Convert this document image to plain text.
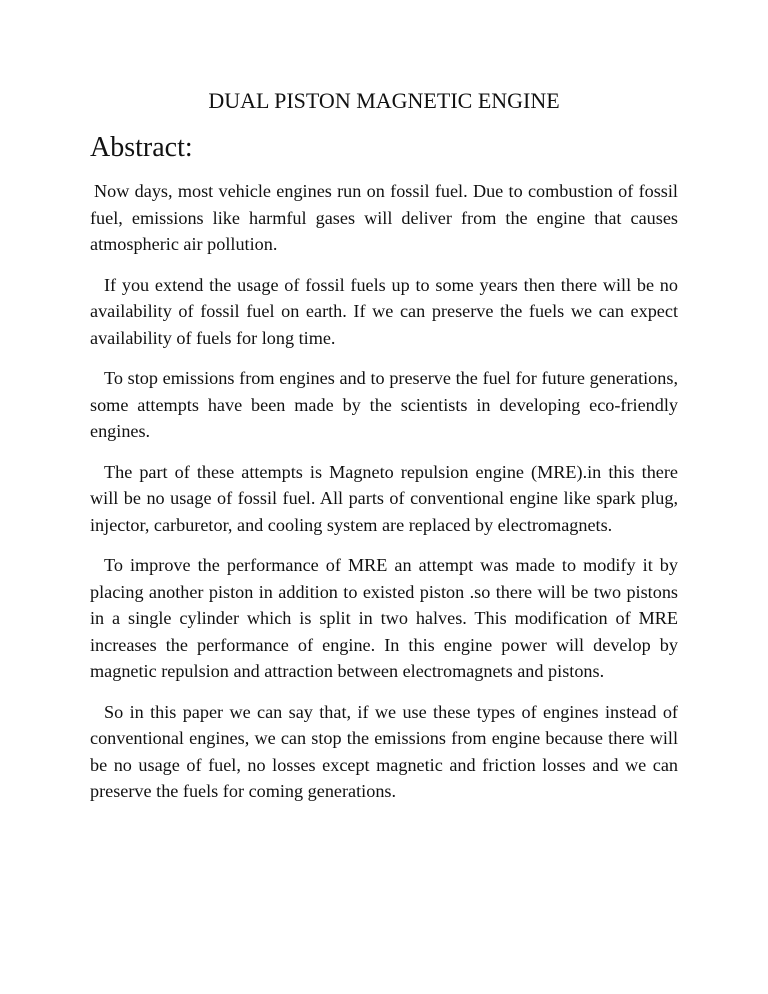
DUAL PISTON MAGNETIC ENGINE
Abstract:

Now days, most vehicle engines run on fossil fuel. Due to combustion of fossil fuel, emissions like harmful gases will deliver from the engine that causes atmospheric air pollution.

If you extend the usage of fossil fuels up to some years then there will be no availability of fossil fuel on earth. If we can preserve the fuels we can expect availability of fuels for long time.

To stop emissions from engines and to preserve the fuel for future generations, some attempts have been made by the scientists in developing eco-friendly engines.

The part of these attempts is Magneto repulsion engine (MRE).in this there will be no usage of fossil fuel. All parts of conventional engine like spark plug, injector, carburetor, and cooling system are replaced by electromagnets.

To improve the performance of MRE an attempt was made to modify it by placing another piston in addition to existed piston .so there will be two pistons in a single cylinder which is split in two halves. This modification of MRE increases the performance of engine. In this engine power will develop by magnetic repulsion and attraction between electromagnets and pistons.

So in this paper we can say that, if we use these types of engines instead of conventional engines, we can stop the emissions from engine because there will be no usage of fuel, no losses except magnetic and friction losses and we can preserve the fuels for coming generations.
